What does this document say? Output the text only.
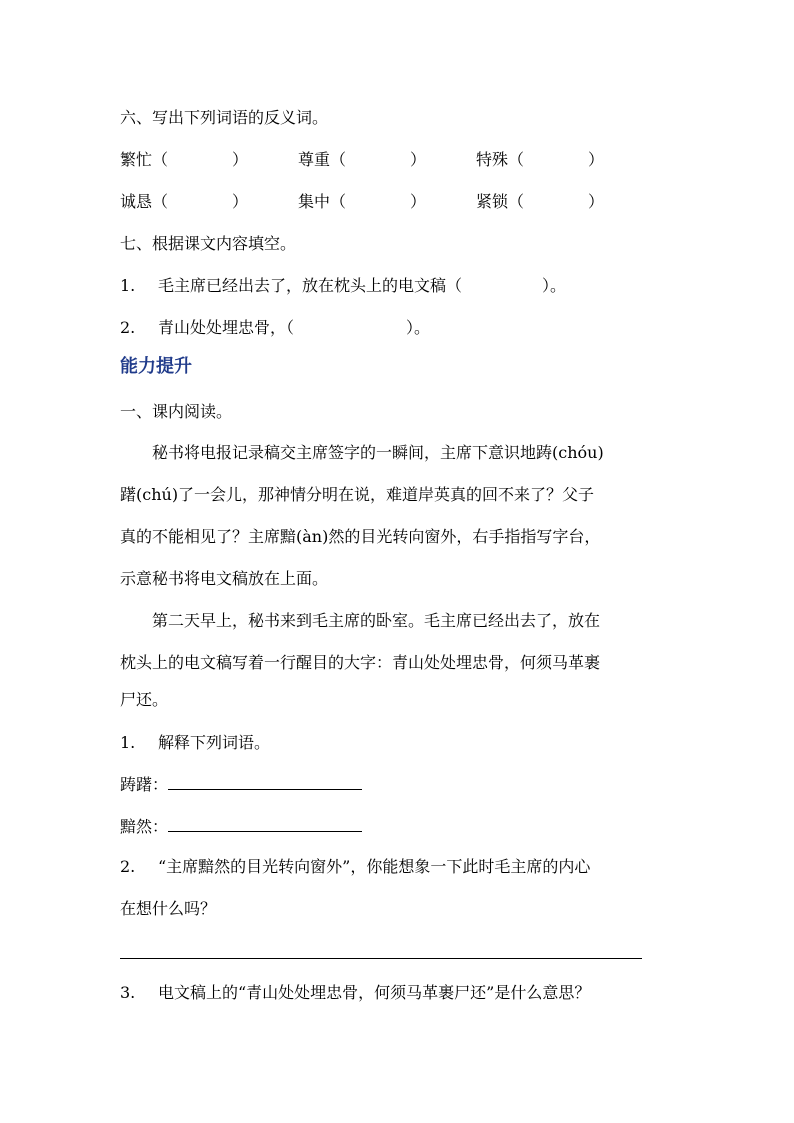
六、写出下列词语的反义词。
繁忙（　　　　）	尊重（　　　　）	特殊（　　　　）
诚恳（　　　　）	集中（　　　　）	紧锁（　　　　）
七、根据课文内容填空。
1. 毛主席已经出去了，放在枕头上的电文稿（　　　　　）。
2. 青山处处埋忠骨，（　　　　　　　）。
能力提升
一、课内阅读。
　　秘书将电报记录稿交主席签字的一瞬间，主席下意识地踌(chóu)
躇(chú)了一会儿，那神情分明在说，难道岸英真的回不来了？父子
真的不能相见了？主席黯(àn)然的目光转向窗外，右手指指写字台，
示意秘书将电文稿放在上面。
　　第二天早上，秘书来到毛主席的卧室。毛主席已经出去了，放在
枕头上的电文稿写着一行醒目的大字：青山处处埋忠骨，何须马革裹
尸还。
1. 解释下列词语。
踌躇：
黯然：
2. “主席黯然的目光转向窗外”，你能想象一下此时毛主席的内心
在想什么吗？
3. 电文稿上的“青山处处埋忠骨，何须马革裹尸还”是什么意思？
